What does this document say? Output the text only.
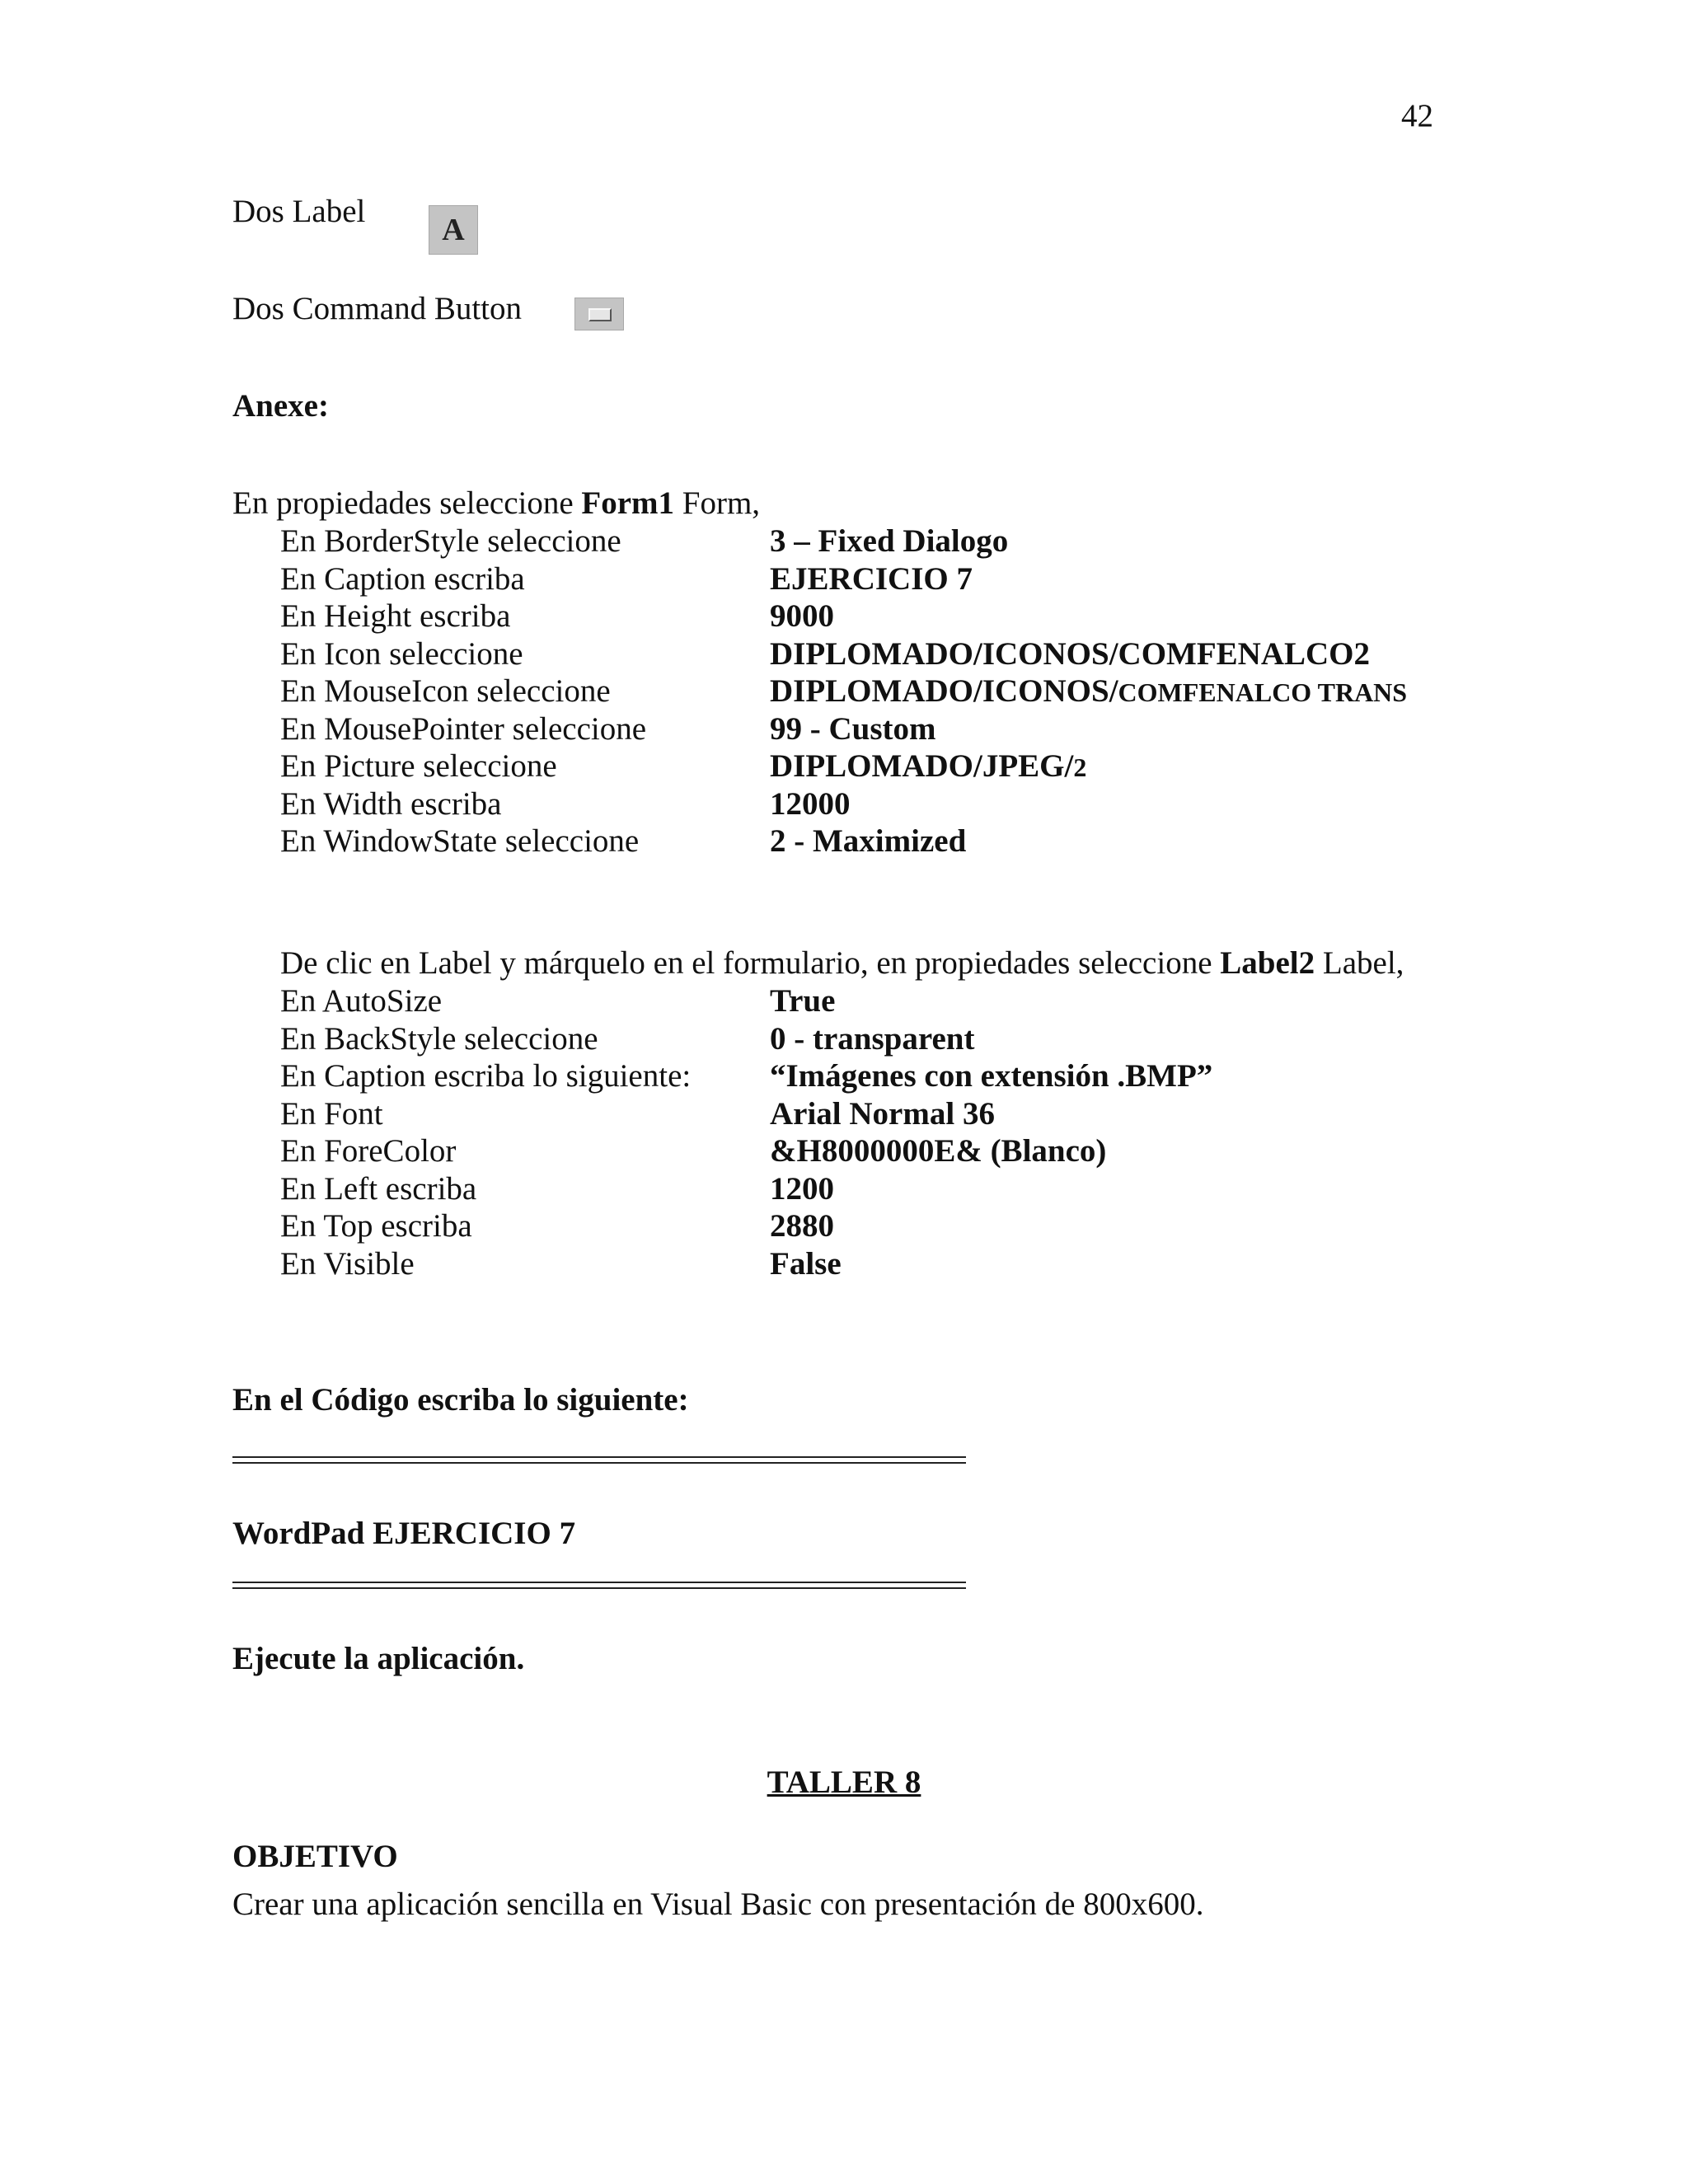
42
Dos Label
A
Dos Command Button
Anexe:
En propiedades seleccione Form1 Form,
En BorderStyle seleccione	3 – Fixed Dialogo
En Caption escriba	EJERCICIO 7
En Height escriba	9000
En Icon seleccione	DIPLOMADO/ICONOS/COMFENALCO2
En MouseIcon seleccione	DIPLOMADO/ICONOS/COMFENALCO TRANS
En MousePointer seleccione	99 - Custom
En Picture seleccione	DIPLOMADO/JPEG/2
En Width escriba	12000
En WindowState seleccione	2 - Maximized
De clic en Label y márquelo en el formulario, en propiedades seleccione Label2 Label,
En AutoSize	True
En BackStyle seleccione	0 - transparent
En Caption escriba lo siguiente: “Imágenes con extensión .BMP”
En Font	Arial Normal 36
En ForeColor	&H8000000E& (Blanco)
En Left escriba	1200
En Top escriba	2880
En Visible	False
En el Código escriba lo siguiente:
WordPad EJERCICIO 7
Ejecute la aplicación.
TALLER 8
OBJETIVO
Crear una aplicación sencilla en Visual Basic con presentación de 800x600.
